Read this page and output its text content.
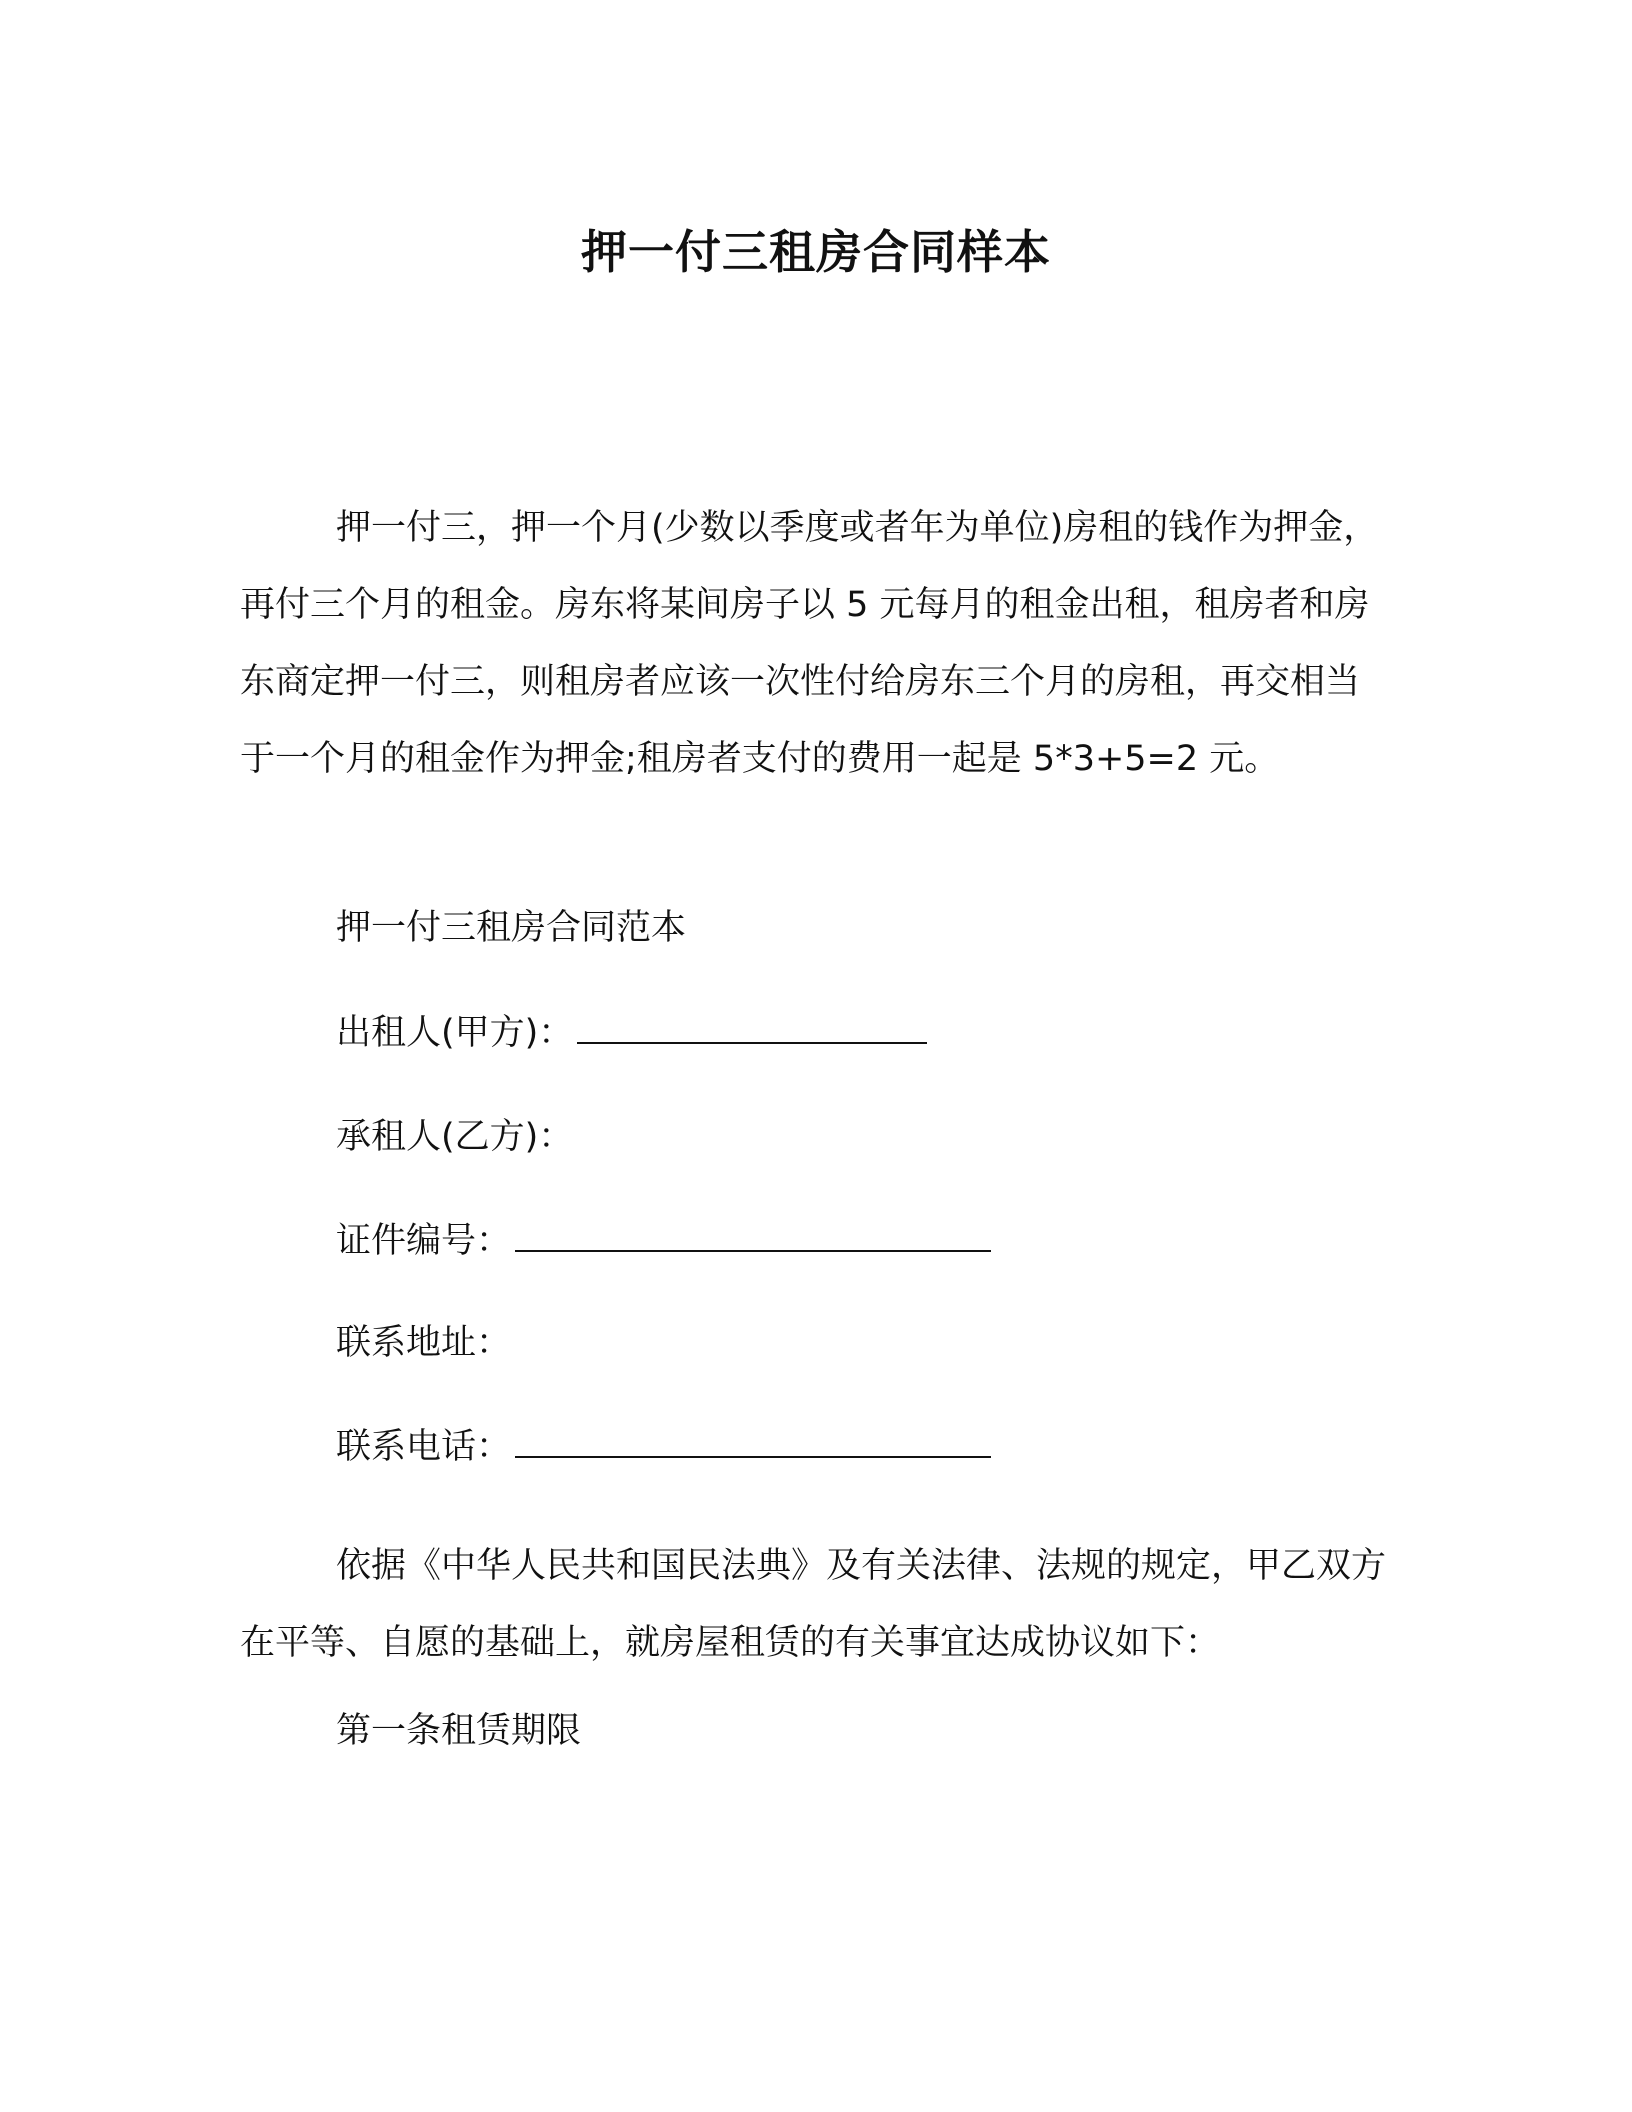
押一付三租房合同样本

押一付三，押一个月(少数以季度或者年为单位)房租的钱作为押金，再付三个月的租金。房东将某间房子以 5 元每月的租金出租，租房者和房东商定押一付三，则租房者应该一次性付给房东三个月的房租，再交相当于一个月的租金作为押金;租房者支付的费用一起是 5*3+5=2 元。

押一付三租房合同范本

出租人(甲方)：

承租人(乙方)：

证件编号：

联系地址：

联系电话：

依据《中华人民共和国民法典》及有关法律、法规的规定，甲乙双方在平等、自愿的基础上，就房屋租赁的有关事宜达成协议如下：

第一条租赁期限
